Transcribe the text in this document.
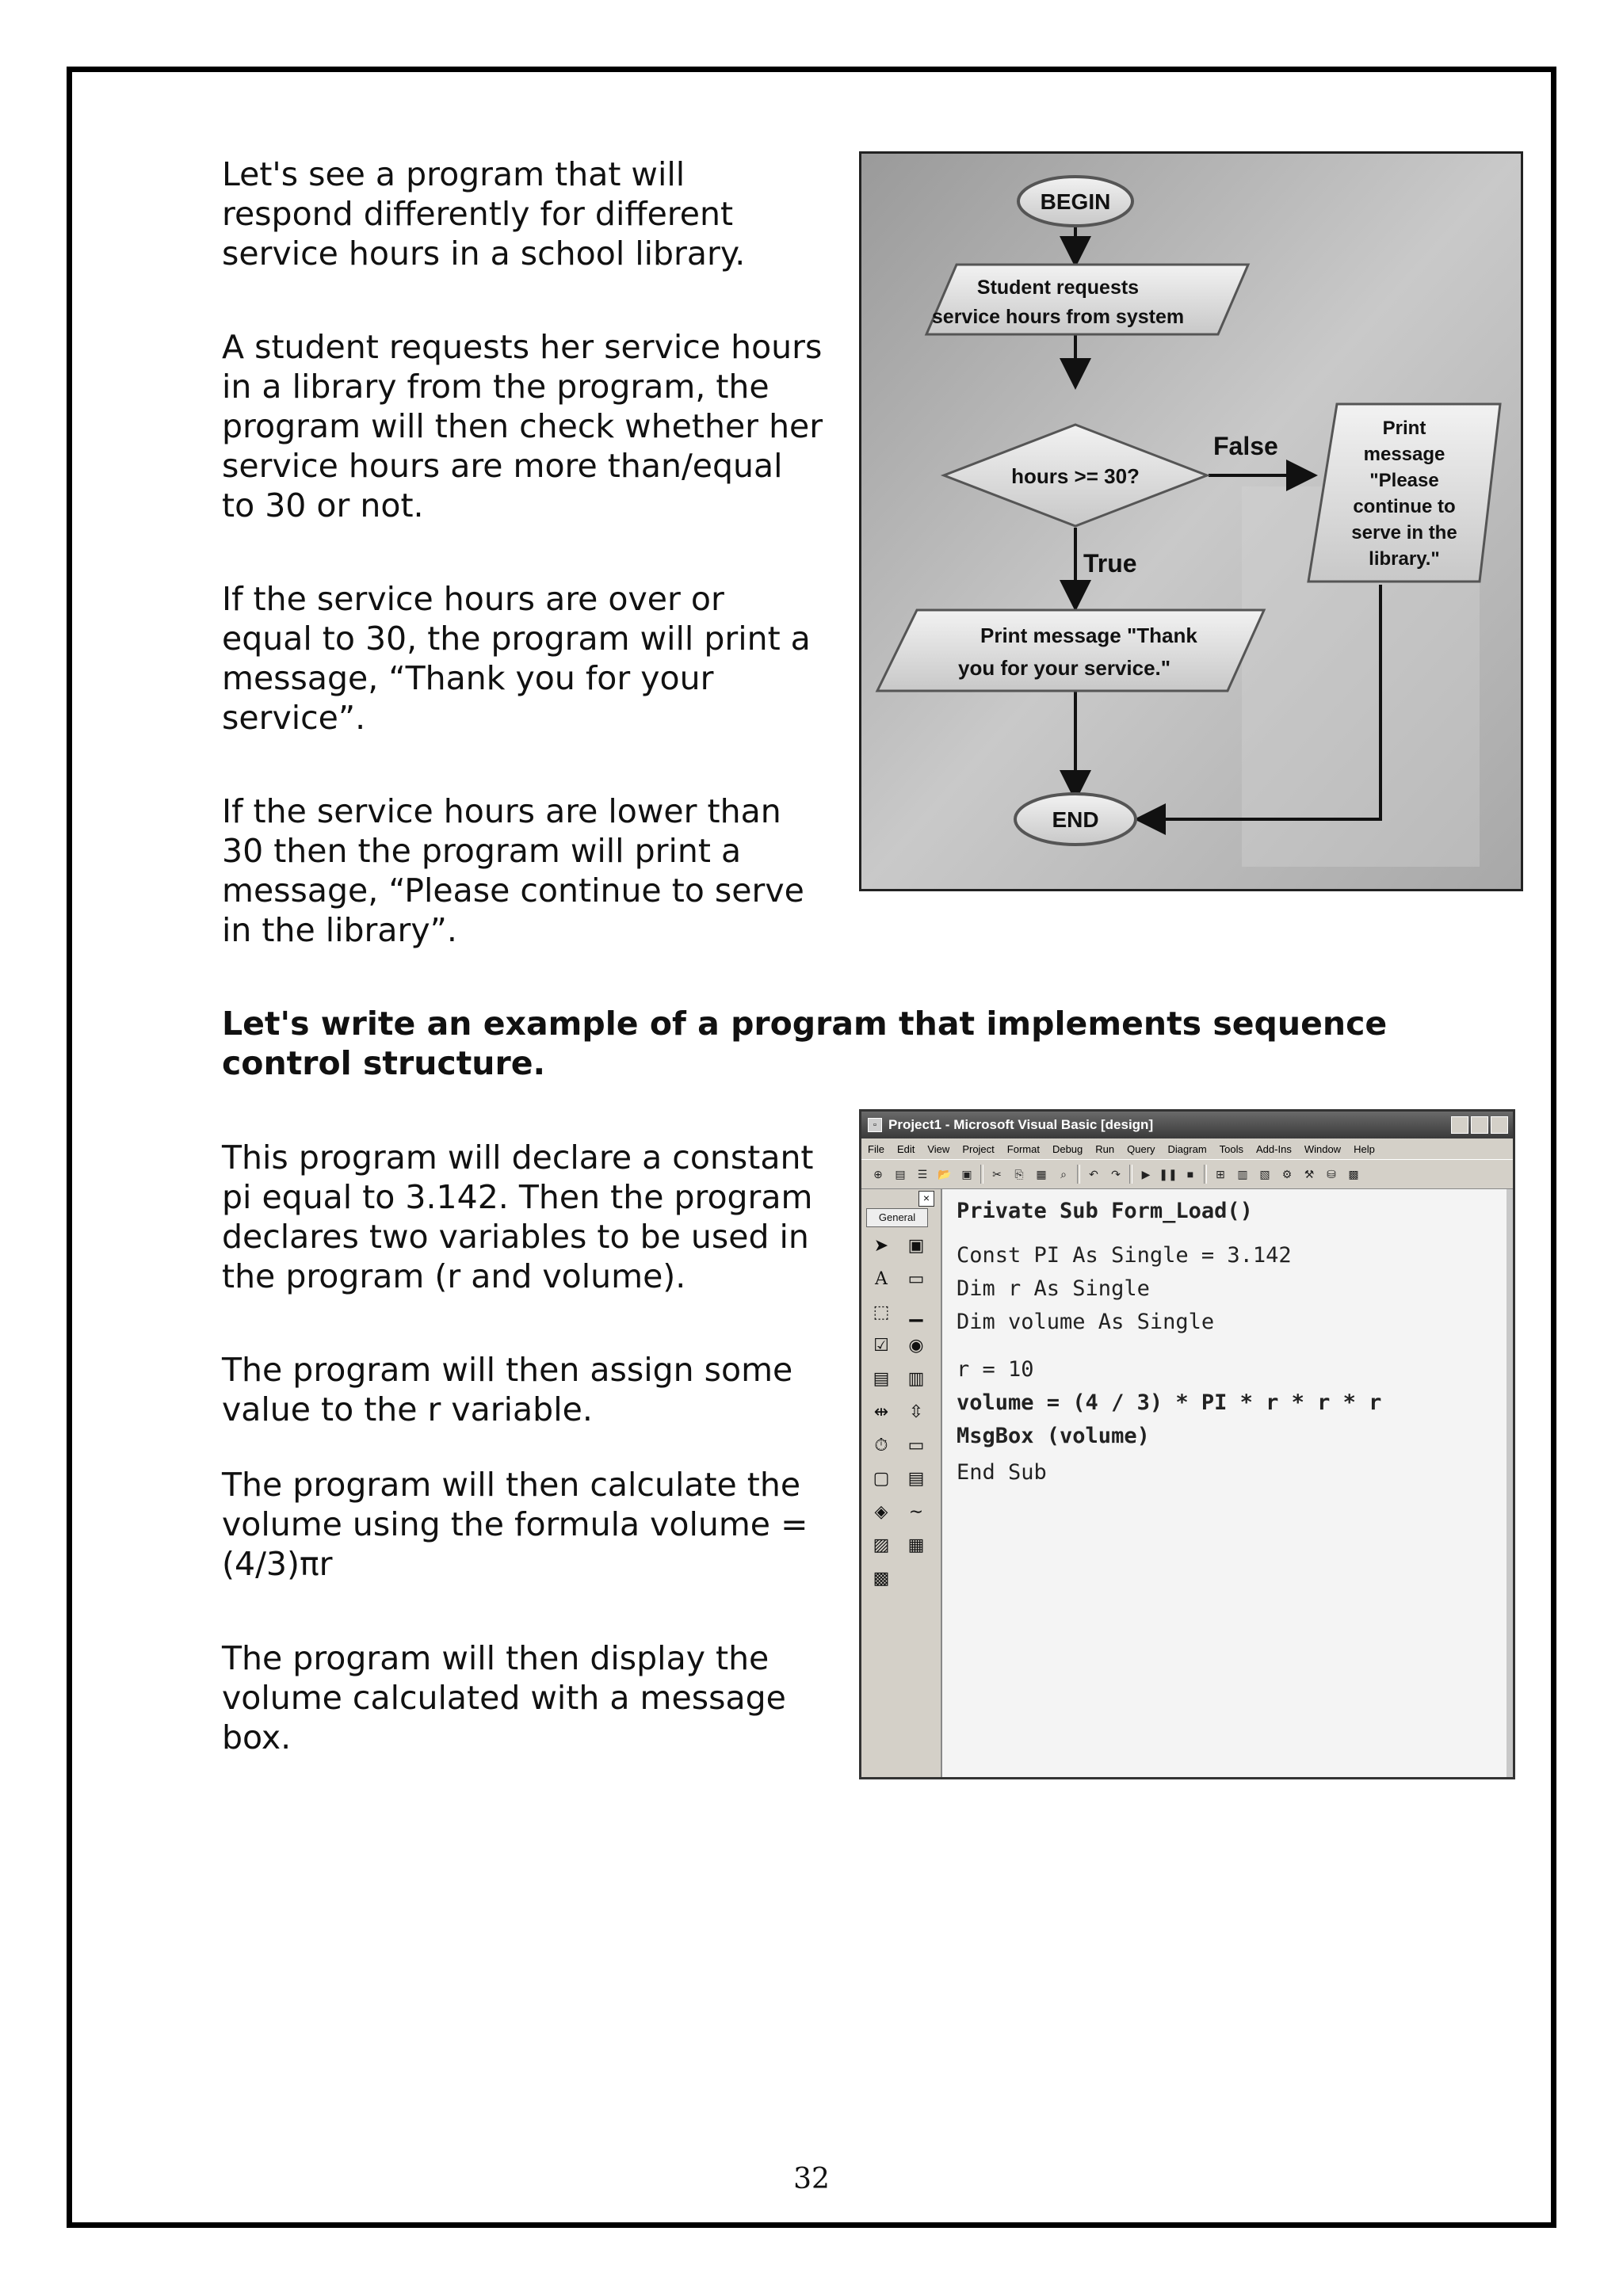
Let's see a program that will
respond differently for different
service hours in a school library.
A student requests her service hours
in a library from the program, the
program will then check whether her
service hours are more than/equal
to 30 or not.
If the service hours are over or
equal to 30, the program will print a
message, “Thank you for your
service”.
If the service hours are lower than
30 then the program will print a
message, “Please continue to serve
in the library”.
Let's write an example of a program that implements sequence
control structure.
This program will declare a constant
pi equal to 3.142. Then the program
declares two variables to be used in
the program (r and volume).
The program will then assign some
value to the r variable.
The program will then calculate the
volume using the formula volume =
(4/3)πr
The program will then display the
volume calculated with a message
box.
BEGIN
Student requests
service hours from system
hours >= 30?
False
True
Print
message
"Please
continue to
serve in the
library."
Print message "Thank
you for your service."
END
▫ Project1 - Microsoft Visual Basic [design]
File Edit View Project Format Debug Run Query Diagram Tools Add-Ins Window Help
⊕	▤	☰ 📂 ▣	✂	⎘	▦	⌕	↶	↷	▶ ❚❚ ■	⊞	▥	▧	⚙	⚒	⛁	▩
×
General
➤ ▣
A	▭
⬚ ▁
☑ ◉
▤ ▥
⇹ ⇳
⏱ ▭
▢ ▤
◈ ∼
▨ ▦
▩
Private Sub Form_Load()
Const PI As Single = 3.142
Dim r As Single
Dim volume As Single
r = 10
volume = (4 / 3) * PI * r * r * r
MsgBox (volume)
End Sub
32
